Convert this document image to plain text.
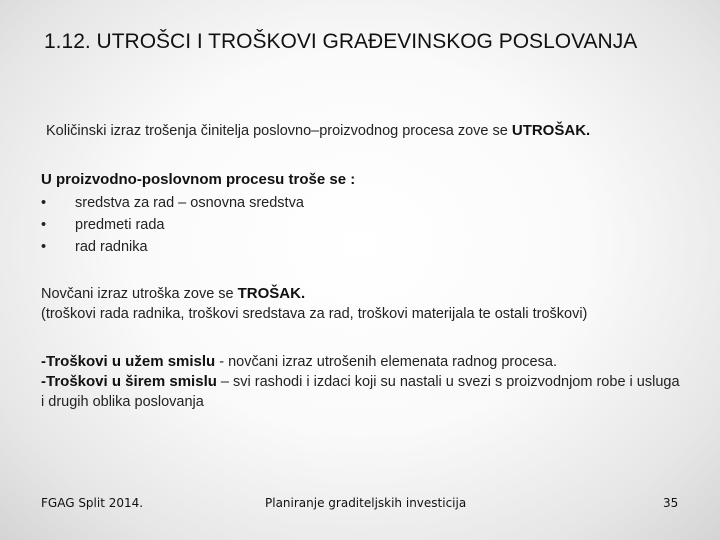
1.12. UTROŠCI I TROŠKOVI GRAĐEVINSKOG POSLOVANJA
Količinski izraz trošenja činitelja poslovno–proizvodnog procesa zove se UTROŠAK.
U proizvodno-poslovnom procesu troše se :
•	sredstva za rad – osnovna sredstva
•	predmeti rada
•	rad radnika
Novčani izraz utroška zove se TROŠAK.
(troškovi rada radnika, troškovi sredstava za rad, troškovi materijala te ostali troškovi)
-Troškovi u užem smislu - novčani izraz utrošenih elemenata radnog procesa.
-Troškovi u širem smislu – svi rashodi i izdaci koji su nastali u svezi s proizvodnjom robe i usluga i drugih oblika poslovanja
FGAG Split 2014.	Planiranje graditeljskih investicija	35
